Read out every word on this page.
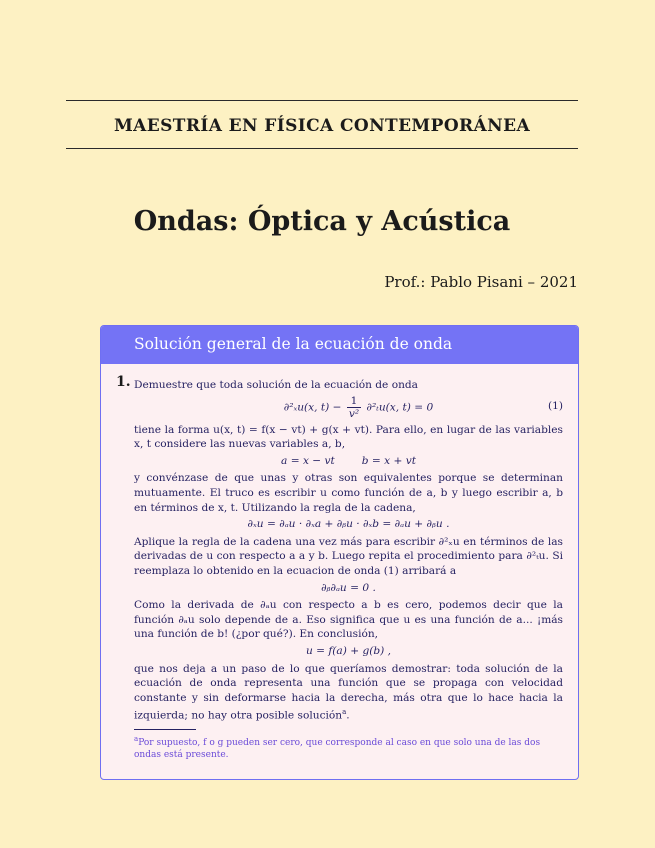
MAESTRÍA EN FÍSICA CONTEMPORÁNEA
Ondas: Óptica y Acústica
Prof.: Pablo Pisani – 2021
Solución general de la ecuación de onda
1. Demuestre que toda solución de la ecuación de onda

∂²ₓu(x, $t) - \frac{1}{\text{v²}} \partial^2_tu(x$, t) = 0	(1)

tiene la forma u(x, t) = f(x − vt) + g(x + vt). Para ello, en lugar de las variables x, t considere las nuevas variables a, b,

a = x − vt        b = x + vt

y convénzase de que unas y otras son equivalentes porque se determinan mutuamente. El truco es escribir u como función de a, b y luego escribir a, b en términos de x, t. Utilizando la regla de la cadena,

∂ₓu = ∂ₐu · ∂ₓa + ∂ᵦu · ∂ₓb = ∂ₐu + ∂ᵦu .

Aplique la regla de la cadena una vez más para escribir ∂²ₓu en términos de las derivadas de u con respecto a a y b. Luego repita el procedimiento para ∂²ₜu. Si reemplaza lo obtenido en la ecuacion de onda (1) arribará a

∂ᵦ∂ₐu = 0 .

Como la derivada de ∂ₐu con respecto a b es cero, podemos decir que la función ∂ₐu solo depende de a. Eso significa que u es una función de a... ¡más una función de b! (¿por qué?). En conclusión,

u = f(a) + g(b) ,

que nos deja a un paso de lo que queríamos demostrar: toda solución de la ecuación de onda representa una función que se propaga con velocidad constante y sin deformarse hacia la derecha, más otra que lo hace hacia la izquierda; no hay otra posible solución$^a$.

$^a$Por supuesto, f o g pueden ser cero, que corresponde al caso en que solo una de las dos ondas está presente.
